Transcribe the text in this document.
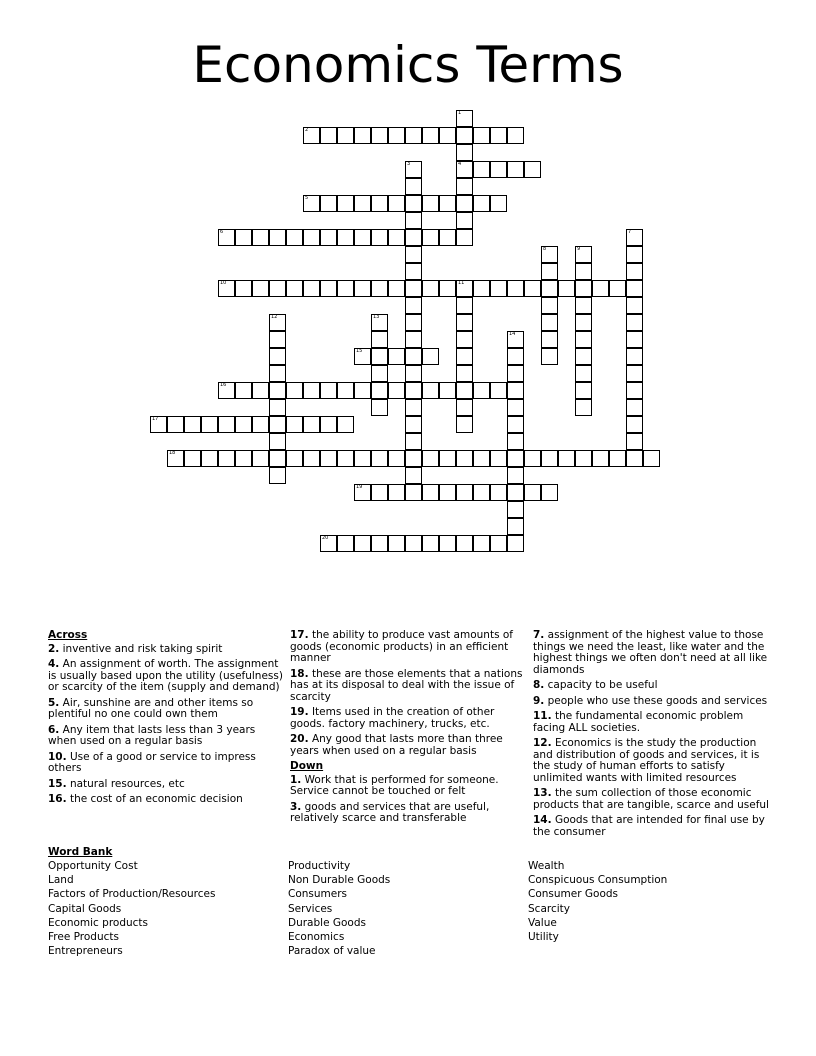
Economics Terms
2
4
5
6
10	11
15
16
17
18
19
20
1
3
7
8	9
12	13
14

Across

2. inventive and risk taking spirit

4. An assignment of worth. The assignment is usually based upon the utility (usefulness) or scarcity of the item (supply and demand)

5. Air, sunshine are and other items so plentiful no one could own them

6. Any item that lasts less than 3 years when used on a regular basis

10. Use of a good or service to impress others

15. natural resources, etc

16. the cost of an economic decision

17. the ability to produce vast amounts of goods (economic products) in an efficient manner

18. these are those elements that a nations has at its disposal to deal with the issue of scarcity

19. Items used in the creation of other goods. factory machinery, trucks, etc.

20. Any good that lasts more than three years when used on a regular basis

Down

1. Work that is performed for someone. Service cannot be touched or felt

3. goods and services that are useful, relatively scarce and transferable

7. assignment of the highest value to those things we need the least, like water and the highest things we often don't need at all like diamonds

8. capacity to be useful

9. people who use these goods and services

11. the fundamental economic problem facing ALL societies.

12. Economics is the study the production and distribution of goods and services, it is the study of human efforts to satisfy unlimited wants with limited resources

13. the sum collection of those economic products that are tangible, scarce and useful

14. Goods that are intended for final use by the consumer

Word Bank
Opportunity Cost
Land
Factors of Production/Resources
Capital Goods
Economic products
Free Products
Entrepreneurs
Productivity
Non Durable Goods
Consumers
Services
Durable Goods
Economics
Paradox of value
Wealth
Conspicuous Consumption
Consumer Goods
Scarcity
Value
Utility
